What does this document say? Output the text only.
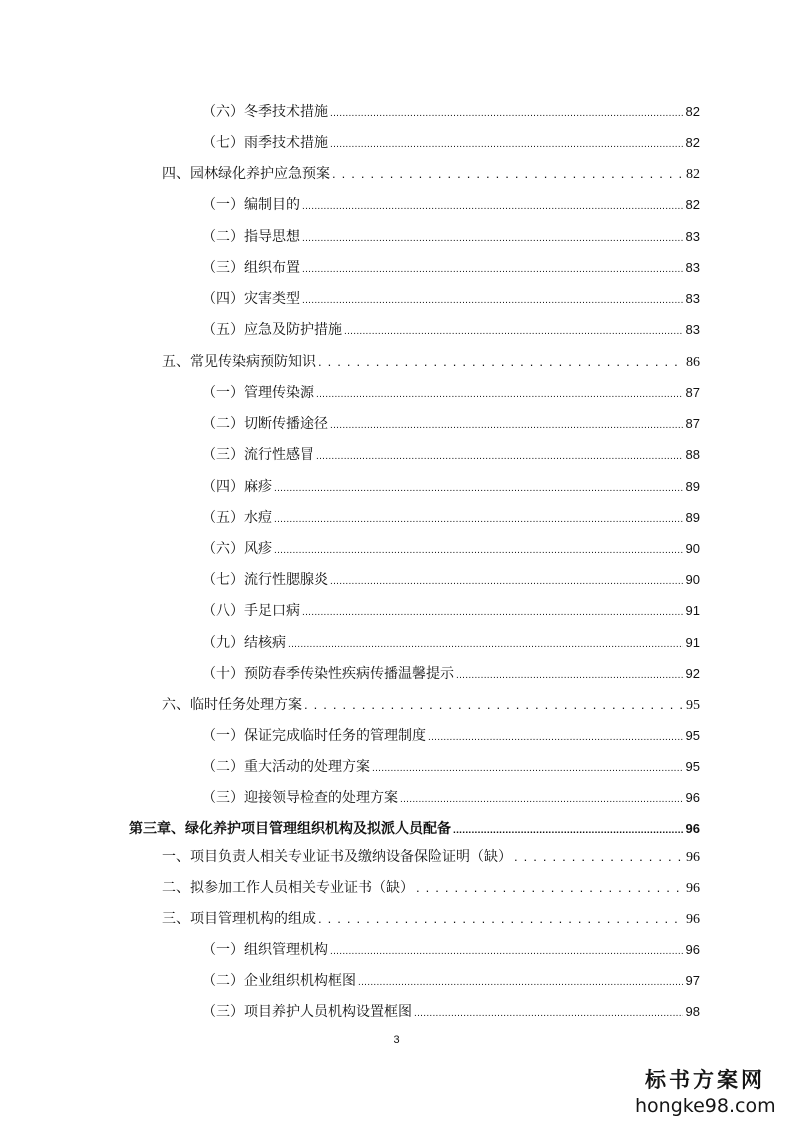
（六）冬季技术措施 .....	82
（七）雨季技术措施 .....	82
四、园林绿化养护应急预案 . . .	82
（一）编制目的 .....	82
（二）指导思想 .....	83
（三）组织布置 .....	83
（四）灾害类型 .....	83
（五）应急及防护措施 .....	83
五、常见传染病预防知识 . . .	86
（一）管理传染源 .....	87
（二）切断传播途径 .....	87
（三）流行性感冒 .....	88
（四）麻疹 .....	89
（五）水痘 .....	89
（六）风疹 .....	90
（七）流行性腮腺炎 .....	90
（八）手足口病 .....	91
（九）结核病 .....	91
（十）预防春季传染性疾病传播温馨提示 .....	92
六、临时任务处理方案 . . .	95
（一）保证完成临时任务的管理制度 .....	95
（二）重大活动的处理方案 .....	95
（三）迎接领导检查的处理方案 .....	96
第三章、绿化养护项目管理组织机构及拟派人员配备 .....	96
一、项目负责人相关专业证书及缴纳设备保险证明（缺） . . .	96
二、拟参加工作人员相关专业证书（缺） . . .	96
三、项目管理机构的组成 . . .	96
（一）组织管理机构 .....	96
（二）企业组织机构框图 .....	97
（三）项目养护人员机构设置框图 .....	98
3
标书方案网
hongke98.com
